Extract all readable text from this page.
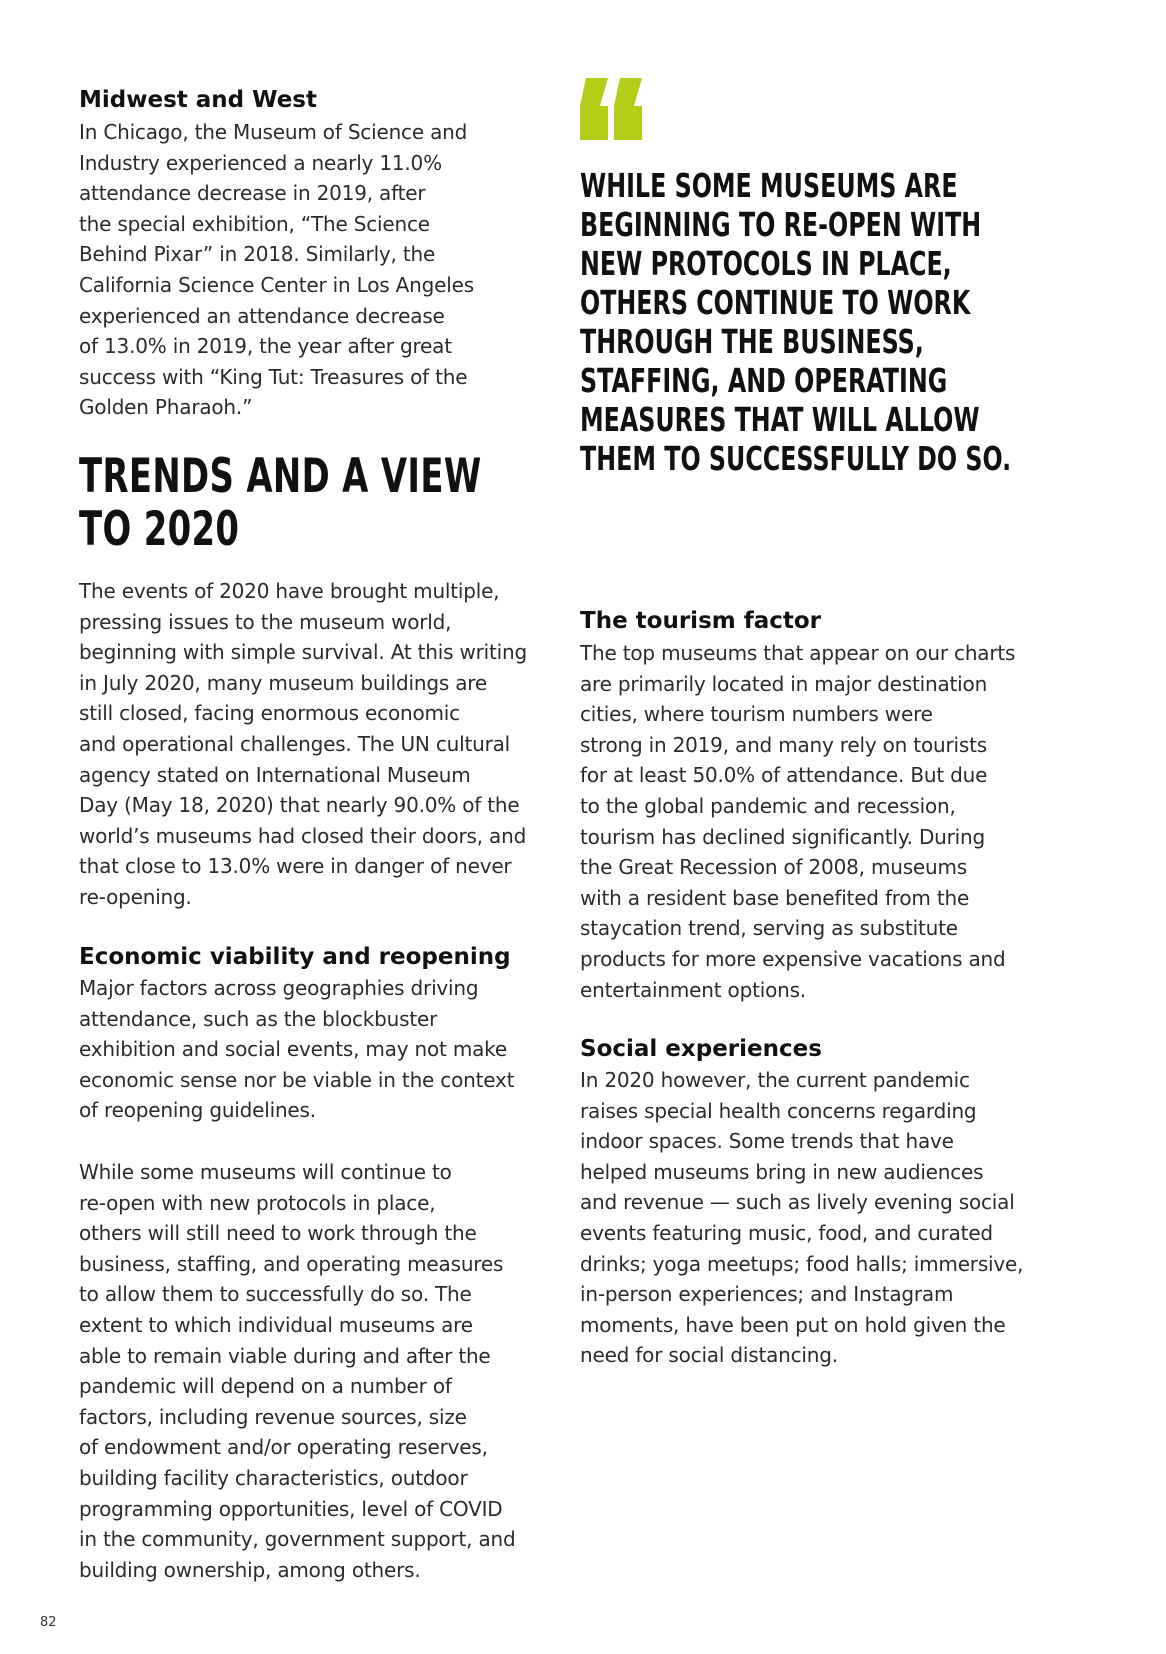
Midwest and West

In Chicago, the Museum of Science and
Industry experienced a nearly 11.0%
attendance decrease in 2019, after
the special exhibition, “The Science
Behind Pixar” in 2018. Similarly, the
California Science Center in Los Angeles
experienced an attendance decrease
of 13.0% in 2019, the year after great
success with “King Tut: Treasures of the
Golden Pharaoh.”

TRENDS AND A VIEW
TO 2020

The events of 2020 have brought multiple,
pressing issues to the museum world,
beginning with simple survival. At this writing
in July 2020, many museum buildings are
still closed, facing enormous economic
and operational challenges. The UN cultural
agency stated on International Museum
Day (May 18, 2020) that nearly 90.0% of the
world’s museums had closed their doors, and
that close to 13.0% were in danger of never
re-opening.

Economic viability and reopening

Major factors across geographies driving
attendance, such as the blockbuster
exhibition and social events, may not make
economic sense nor be viable in the context
of reopening guidelines.

While some museums will continue to
re-open with new protocols in place,
others will still need to work through the
business, staffing, and operating measures
to allow them to successfully do so. The
extent to which individual museums are
able to remain viable during and after the
pandemic will depend on a number of
factors, including revenue sources, size
of endowment and/or operating reserves,
building facility characteristics, outdoor
programming opportunities, level of COVID
in the community, government support, and
building ownership, among others.

WHILE SOME MUSEUMS ARE
BEGINNING TO RE-OPEN WITH
NEW PROTOCOLS IN PLACE,
OTHERS CONTINUE TO WORK
THROUGH THE BUSINESS,
STAFFING, AND OPERATING
MEASURES THAT WILL ALLOW
THEM TO SUCCESSFULLY DO SO.

The tourism factor

The top museums that appear on our charts
are primarily located in major destination
cities, where tourism numbers were
strong in 2019, and many rely on tourists
for at least 50.0% of attendance. But due
to the global pandemic and recession,
tourism has declined significantly. During
the Great Recession of 2008, museums
with a resident base benefited from the
staycation trend, serving as substitute
products for more expensive vacations and
entertainment options.

Social experiences

In 2020 however, the current pandemic
raises special health concerns regarding
indoor spaces. Some trends that have
helped museums bring in new audiences
and revenue — such as lively evening social
events featuring music, food, and curated
drinks; yoga meetups; food halls; immersive,
in-person experiences; and Instagram
moments, have been put on hold given the
need for social distancing.

82
